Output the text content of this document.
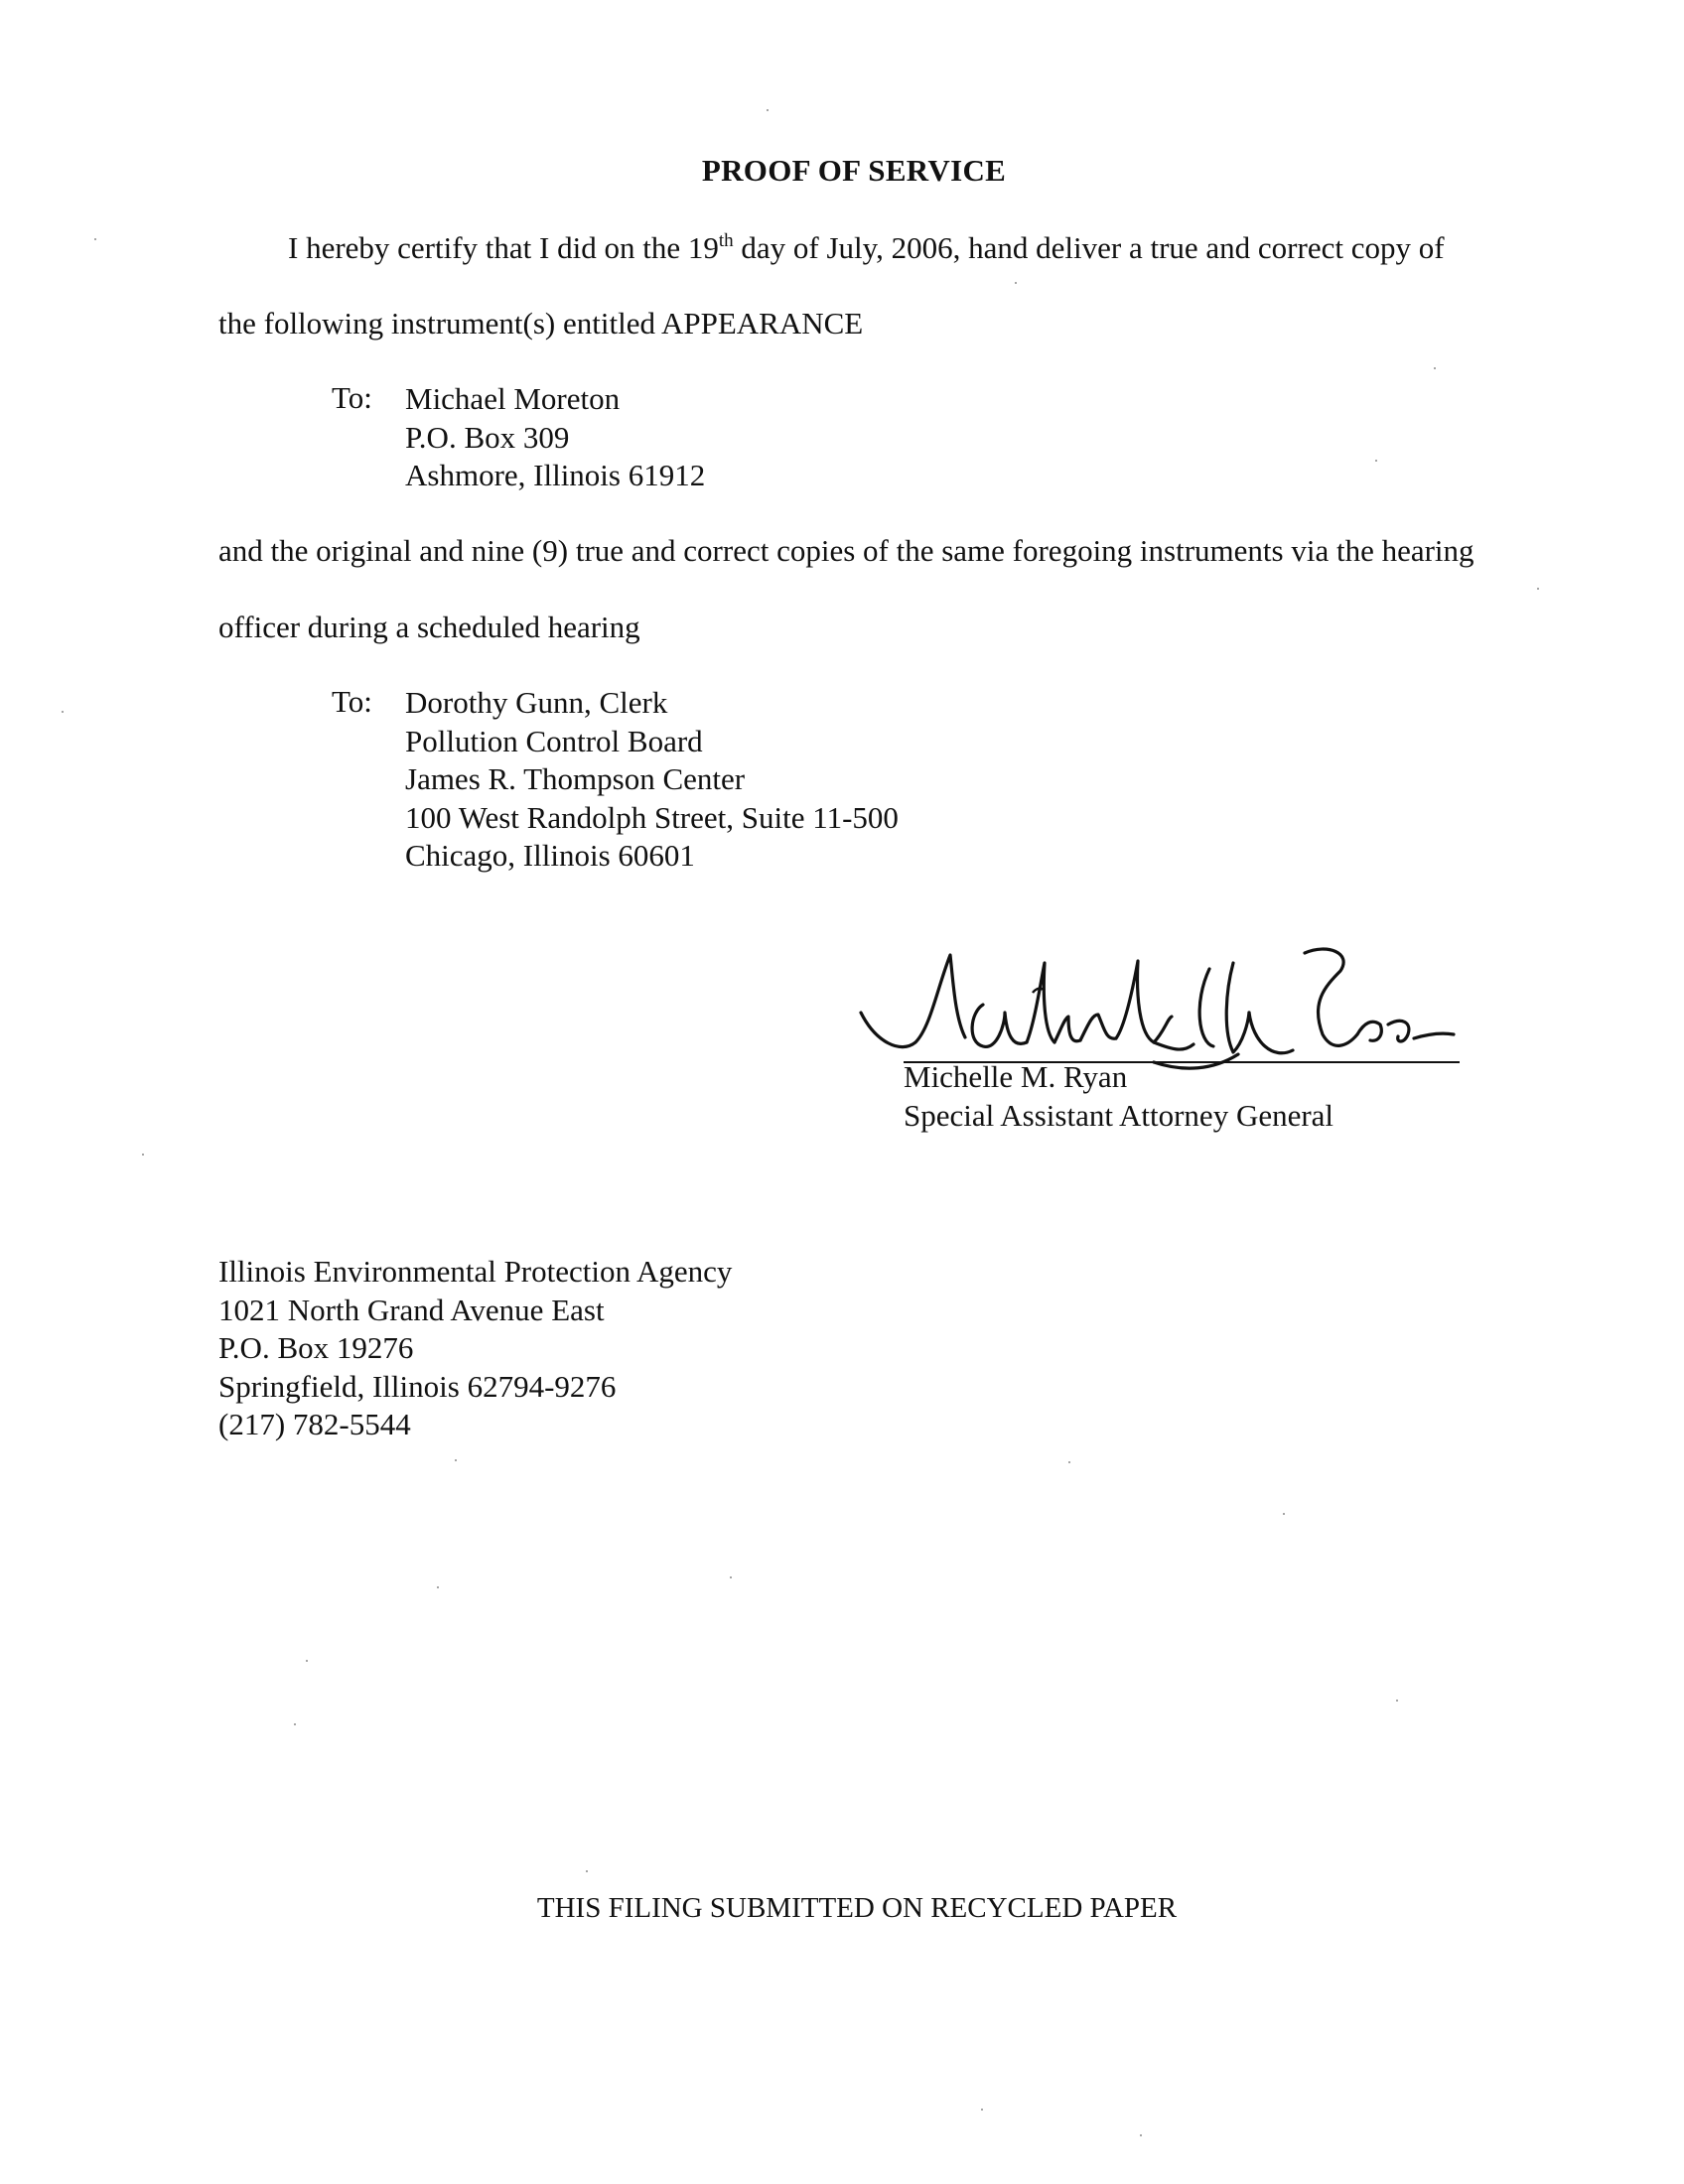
PROOF OF SERVICE
I hereby certify that I did on the 19th day of July, 2006, hand deliver a true and correct copy of
the following instrument(s) entitled APPEARANCE
To: Michael Moreton
P.O. Box 309
Ashmore, Illinois 61912
and the original and nine (9) true and correct copies of the same foregoing instruments via the hearing
officer during a scheduled hearing
To: Dorothy Gunn, Clerk
Pollution Control Board
James R. Thompson Center
100 West Randolph Street, Suite 11-500
Chicago, Illinois 60601
Michelle M. Ryan
Special Assistant Attorney General
Illinois Environmental Protection Agency
1021 North Grand Avenue East
P.O. Box 19276
Springfield, Illinois 62794-9276
(217) 782-5544
THIS FILING SUBMITTED ON RECYCLED PAPER
